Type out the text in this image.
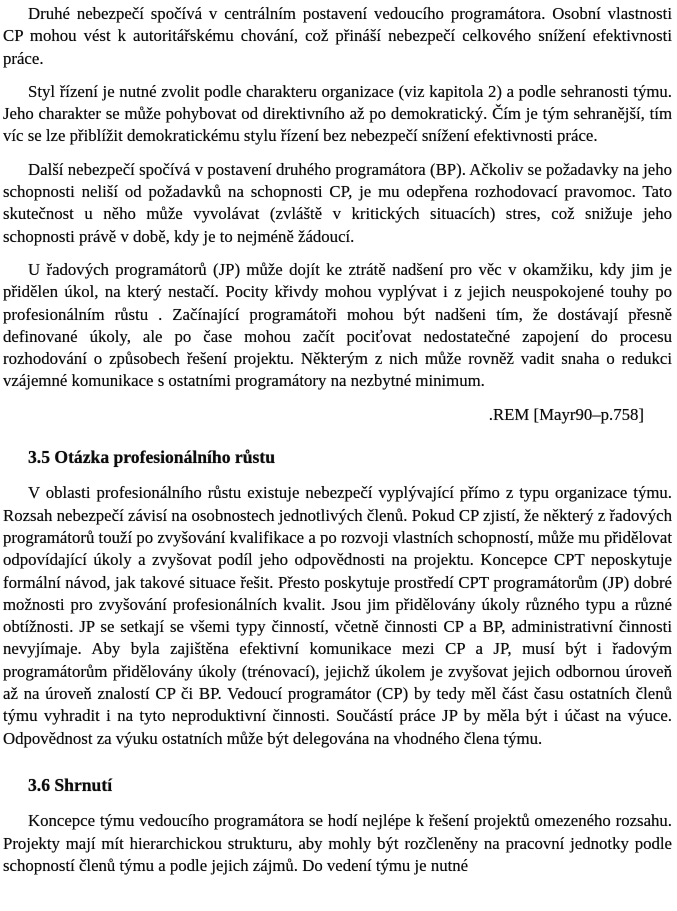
Druhé nebezpečí spočívá v centrálním postavení vedoucího programátora. Osobní vlastnosti CP mohou vést k autoritářskému chování, což přináší nebezpečí celkového snížení efektivnosti práce.

Styl řízení je nutné zvolit podle charakteru organizace (viz kapitola 2) a podle sehranosti týmu. Jeho charakter se může pohybovat od direktivního až po demokratický. Čím je tým sehranější, tím víc se lze přiblížit demokratickému stylu řízení bez nebezpečí snížení efektivnosti práce.

Další nebezpečí spočívá v postavení druhého programátora (BP). Ačkoliv se požadavky na jeho schopnosti neliší od požadavků na schopnosti CP, je mu odepřena rozhodovací pravomoc. Tato skutečnost u něho může vyvolávat (zvláště v kritických situacích) stres, což snižuje jeho schopnosti právě v době, kdy je to nejméně žádoucí.

U řadových programátorů (JP) může dojít ke ztrátě nadšení pro věc v okamžiku, kdy jim je přidělen úkol, na který nestačí. Pocity křivdy mohou vyplývat i z jejich neuspokojené touhy po profesionálním růstu . Začínající programátoři mohou být nadšeni tím, že dostávají přesně definované úkoly, ale po čase mohou začít pociťovat nedostatečné zapojení do procesu rozhodování o způsobech řešení projektu. Některým z nich může rovněž vadit snaha o redukci vzájemné komunikace s ostatními programátory na nezbytné minimum.

.REM [Mayr90–p.758]

3.5 Otázka profesionálního růstu

V oblasti profesionálního růstu existuje nebezpečí vyplývající přímo z typu organizace týmu. Rozsah nebezpečí závisí na osobnostech jednotlivých členů. Pokud CP zjistí, že některý z řadových programátorů touží po zvyšování kvalifikace a po rozvoji vlastních schopností, může mu přidělovat odpovídající úkoly a zvyšovat podíl jeho odpovědnosti na projektu. Koncepce CPT neposkytuje formální návod, jak takové situace řešit. Přesto poskytuje prostředí CPT programátorům (JP) dobré možnosti pro zvyšování profesionálních kvalit. Jsou jim přidělovány úkoly různého typu a různé obtížnosti. JP se setkají se všemi typy činností, včetně činnosti CP a BP, administrativní činnosti nevyjímaje. Aby byla zajištěna efektivní komunikace mezi CP a JP, musí být i řadovým programátorům přidělovány úkoly (trénovací), jejichž úkolem je zvyšovat jejich odbornou úroveň až na úroveň znalostí CP či BP. Vedoucí programátor (CP) by tedy měl část času ostatních členů týmu vyhradit i na tyto neproduktivní činnosti. Součástí práce JP by měla být i účast na výuce. Odpovědnost za výuku ostatních může být delegována na vhodného člena týmu.

3.6 Shrnutí

Koncepce týmu vedoucího programátora se hodí nejlépe k řešení projektů omezeného rozsahu. Projekty mají mít hierarchickou strukturu, aby mohly být rozčleněny na pracovní jednotky podle schopností členů týmu a podle jejich zájmů. Do vedení týmu je nutné
